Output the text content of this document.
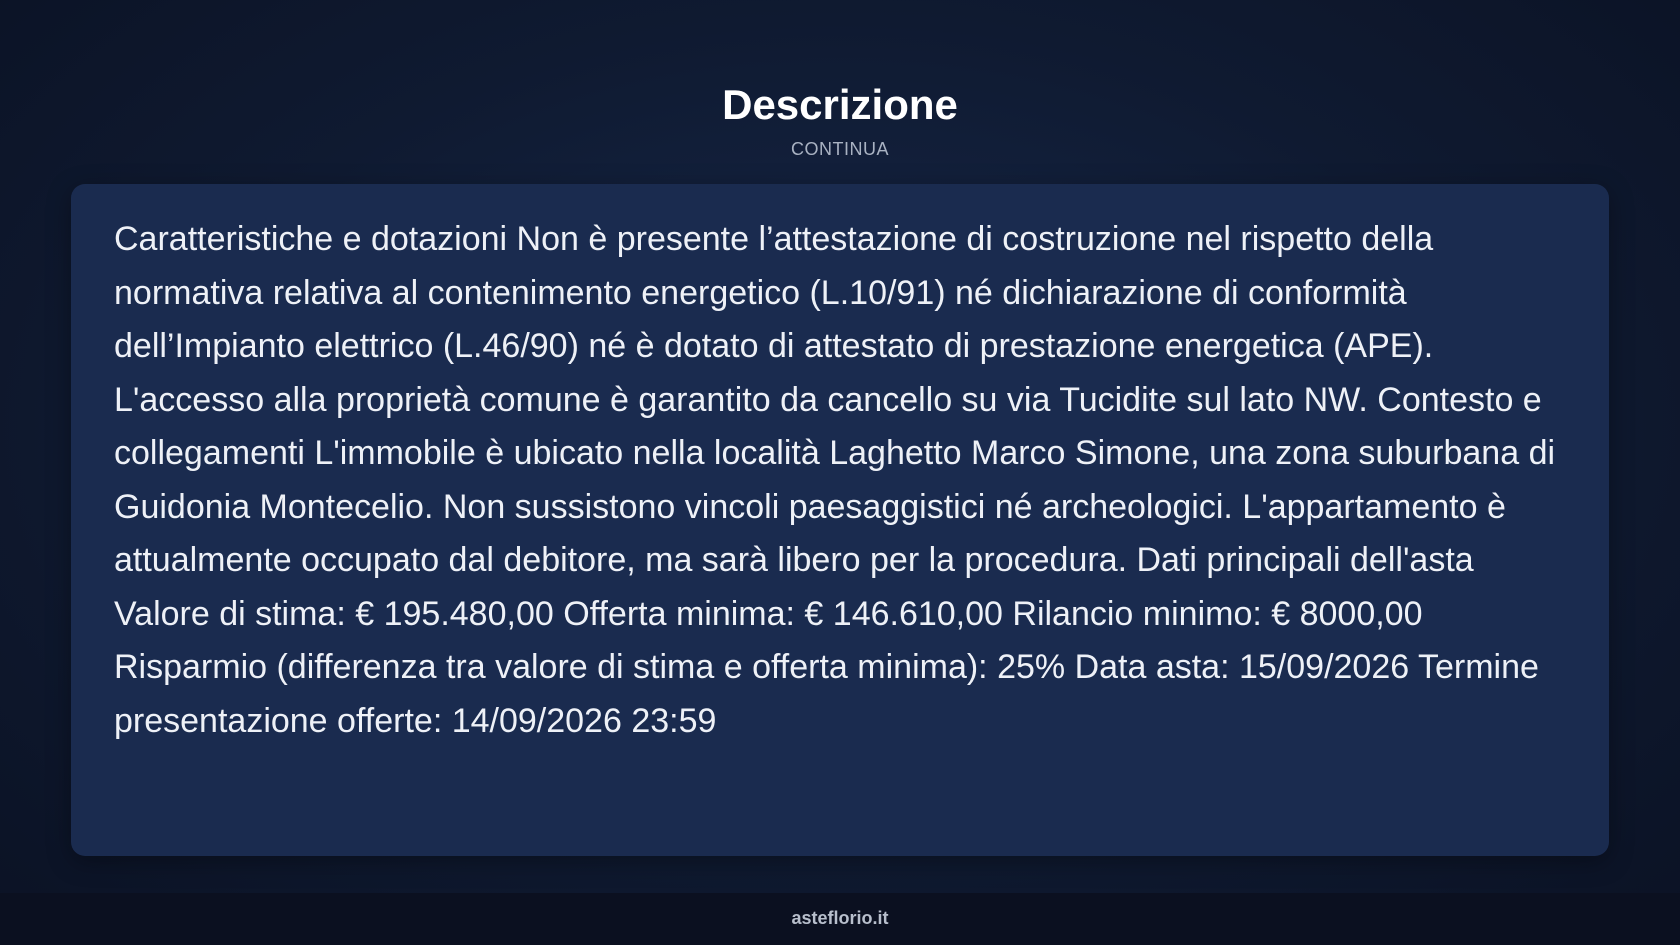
Descrizione
CONTINUA

Caratteristiche e dotazioni Non è presente l’attestazione di costruzione nel rispetto della normativa relativa al contenimento energetico (L.10/91) né dichiarazione di conformità dell’Impianto elettrico (L.46/90) né è dotato di attestato di prestazione energetica (APE). L'accesso alla proprietà comune è garantito da cancello su via Tucidite sul lato NW. Contesto e collegamenti L'immobile è ubicato nella località Laghetto Marco Simone, una zona suburbana di Guidonia Montecelio. Non sussistono vincoli paesaggistici né archeologici. L'appartamento è attualmente occupato dal debitore, ma sarà libero per la procedura. Dati principali dell'asta Valore di stima: € 195.480,00 Offerta minima: € 146.610,00 Rilancio minimo: € 8000,00 Risparmio (differenza tra valore di stima e offerta minima): 25% Data asta: 15/09/2026 Termine presentazione offerte: 14/09/2026 23:59

asteflorio.it
